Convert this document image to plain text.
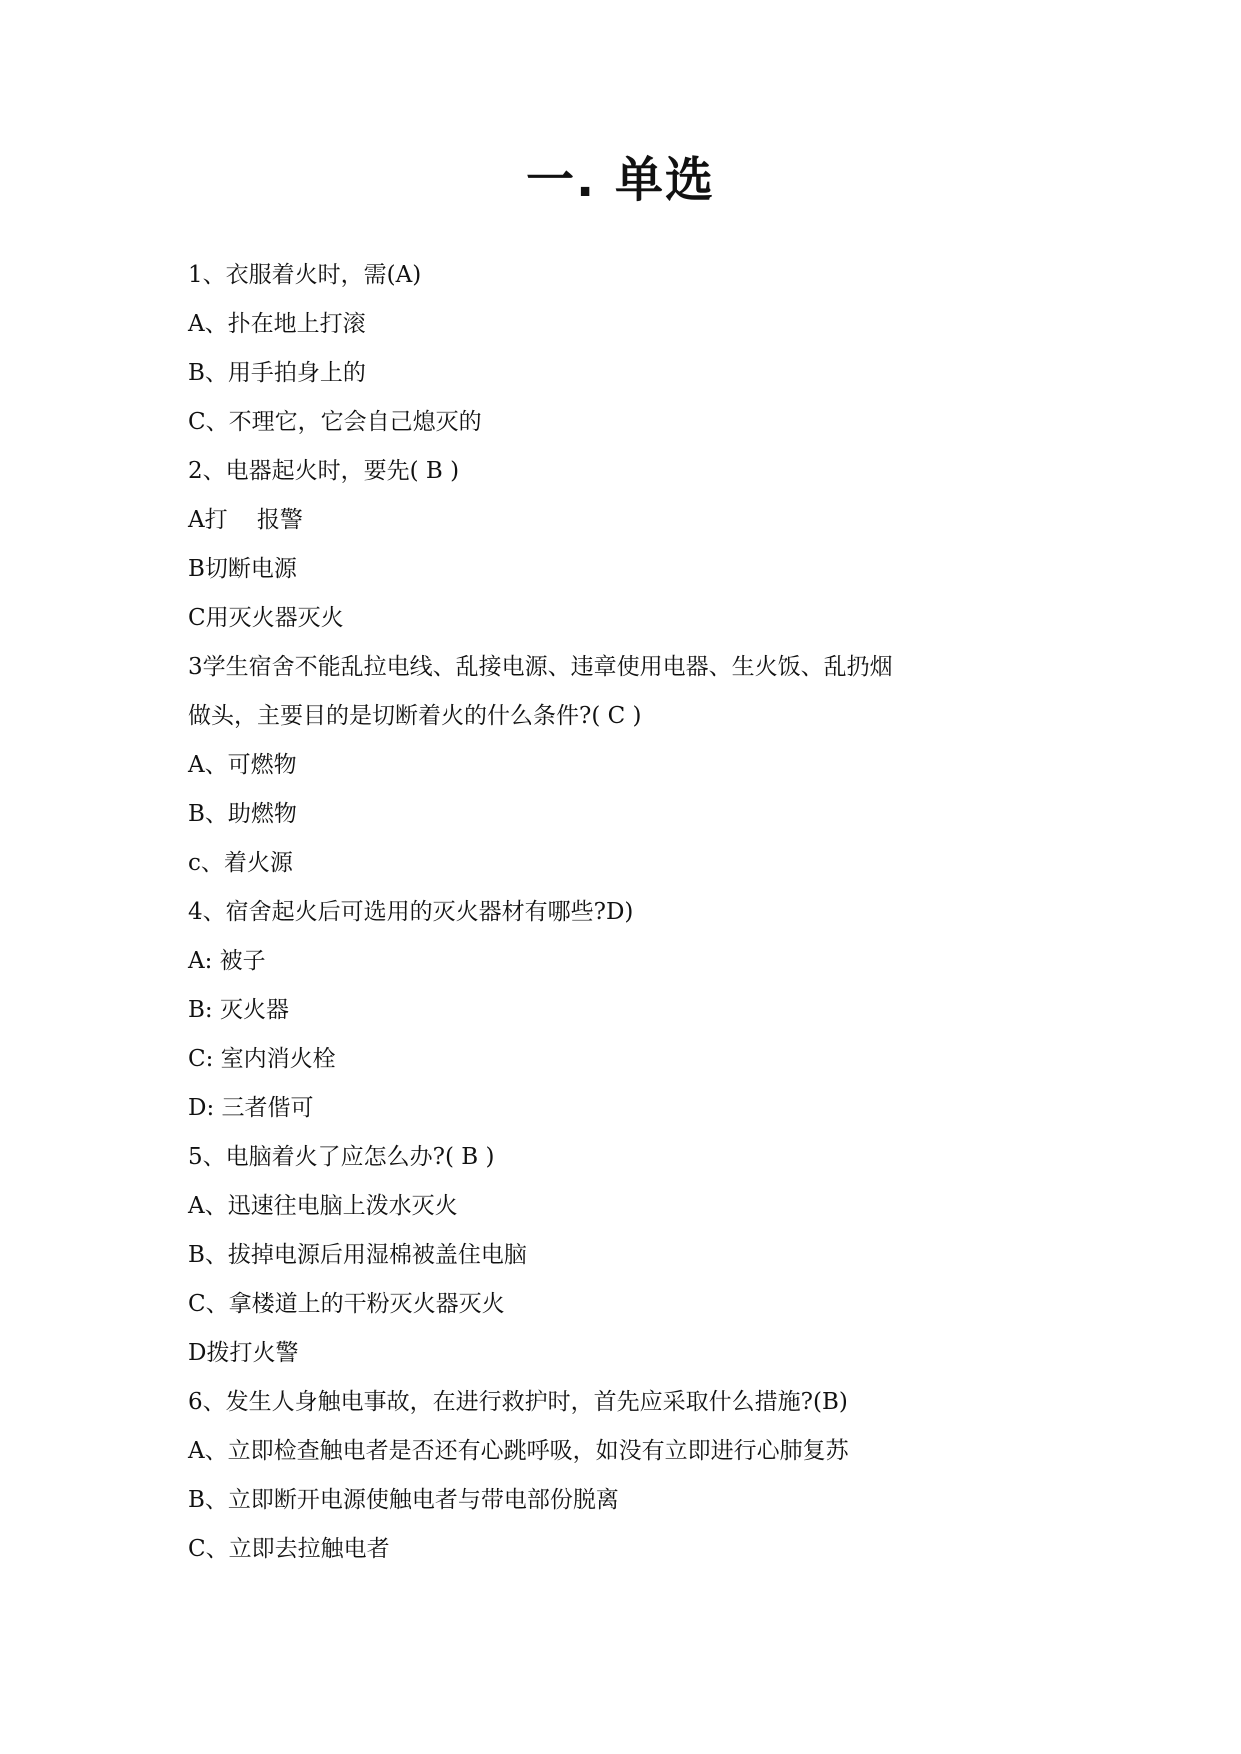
一. 单选
1、衣服着火时，需(A)
A、扑在地上打滚
B、用手拍身上的
C、不理它，它会自己熄灭的
2、电器起火时，要先( B )
A打    报警
B切断电源
C用灭火器灭火
3学生宿舍不能乱拉电线、乱接电源、违章使用电器、生火饭、乱扔烟
做头，主要目的是切断着火的什么条件?( C )
A、可燃物
B、助燃物
c、着火源
4、宿舍起火后可选用的灭火器材有哪些?D)
A: 被子
B: 灭火器
C: 室内消火栓
D: 三者偕可
5、电脑着火了应怎么办?( B )
A、迅速往电脑上泼水灭火
B、拔掉电源后用湿棉被盖住电脑
C、拿楼道上的干粉灭火器灭火
D拨打火警
6、发生人身触电事故，在进行救护时，首先应采取什么措施?(B)
A、立即检查触电者是否还有心跳呼吸，如没有立即进行心肺复苏
B、立即断开电源使触电者与带电部份脱离
C、立即去拉触电者
